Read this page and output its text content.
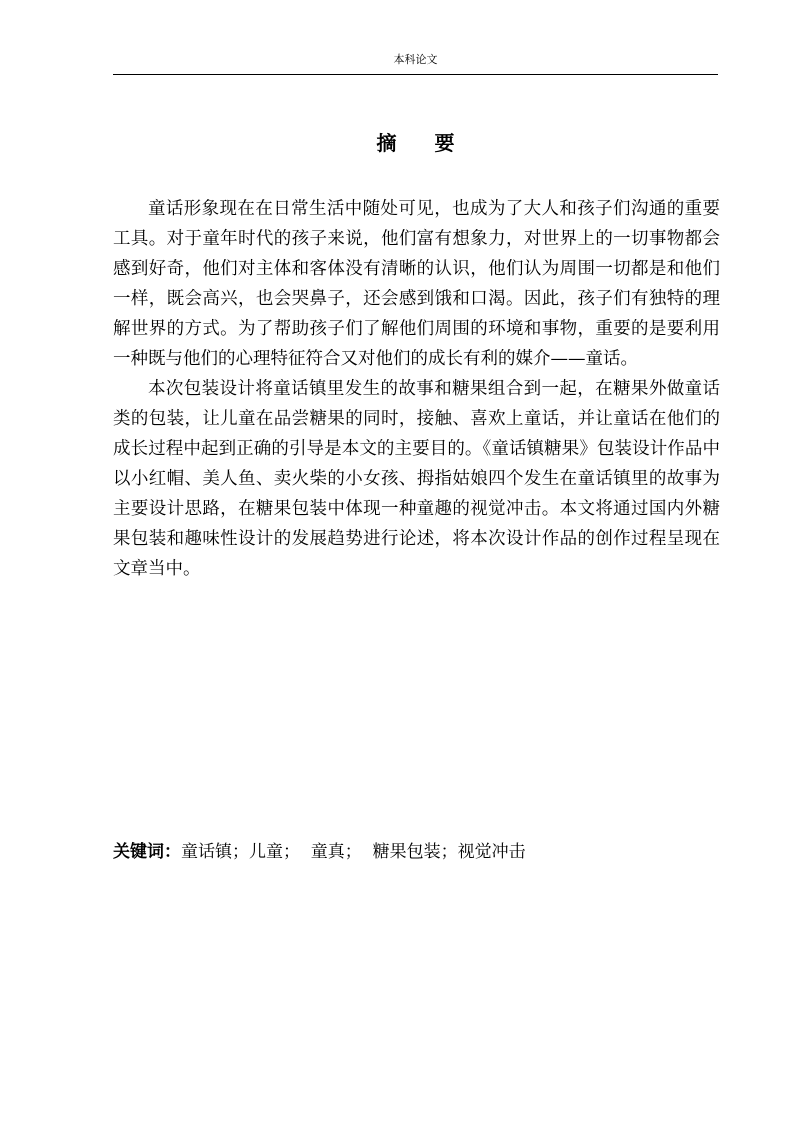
本科论文
摘要

童话形象现在在日常生活中随处可见，也成为了大人和孩子们沟通的重要工具。对于童年时代的孩子来说，他们富有想象力，对世界上的一切事物都会感到好奇，他们对主体和客体没有清晰的认识，他们认为周围一切都是和他们一样，既会高兴，也会哭鼻子，还会感到饿和口渴。因此，孩子们有独特的理解世界的方式。为了帮助孩子们了解他们周围的环境和事物，重要的是要利用一种既与他们的心理特征符合又对他们的成长有利的媒介——童话。

本次包装设计将童话镇里发生的故事和糖果组合到一起，在糖果外做童话类的包装，让儿童在品尝糖果的同时，接触、喜欢上童话，并让童话在他们的成长过程中起到正确的引导是本文的主要目的。《童话镇糖果》包装设计作品中以小红帽、美人鱼、卖火柴的小女孩、拇指姑娘四个发生在童话镇里的故事为主要设计思路，在糖果包装中体现一种童趣的视觉冲击。本文将通过国内外糖果包装和趣味性设计的发展趋势进行论述，将本次设计作品的创作过程呈现在文章当中。

关键词：童话镇；儿童；  童真；  糖果包装；视觉冲击
